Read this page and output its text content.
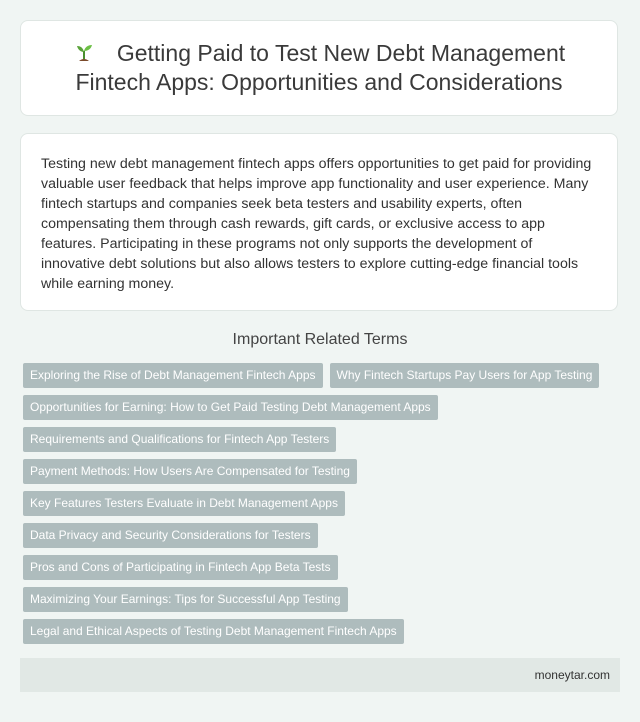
Getting Paid to Test New Debt Management Fintech Apps: Opportunities and Considerations

Testing new debt management fintech apps offers opportunities to get paid for providing valuable user feedback that helps improve app functionality and user experience. Many fintech startups and companies seek beta testers and usability experts, often compensating them through cash rewards, gift cards, or exclusive access to app features. Participating in these programs not only supports the development of innovative debt solutions but also allows testers to explore cutting-edge financial tools while earning money.

Important Related Terms
Exploring the Rise of Debt Management Fintech Apps	Why Fintech Startups Pay Users for App Testing
Opportunities for Earning: How to Get Paid Testing Debt Management Apps
Requirements and Qualifications for Fintech App Testers
Payment Methods: How Users Are Compensated for Testing
Key Features Testers Evaluate in Debt Management Apps
Data Privacy and Security Considerations for Testers
Pros and Cons of Participating in Fintech App Beta Tests
Maximizing Your Earnings: Tips for Successful App Testing
Legal and Ethical Aspects of Testing Debt Management Fintech Apps
moneytar.com
